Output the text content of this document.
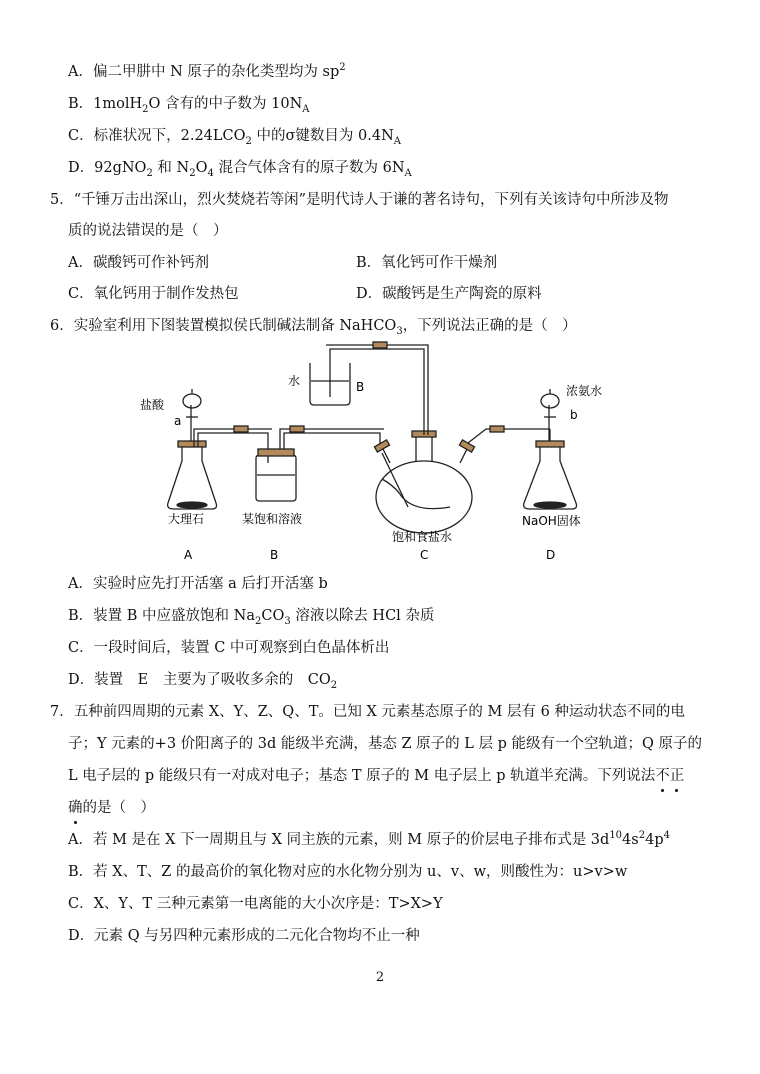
A．偏二甲肼中 N 原子的杂化类型均为 $sp^2$
B．1molH$_2$O 含有的中子数为 $10N_A$
C．标准状况下，$2.24LCO_2$ 中的σ键数目为 $0.4N_A$
D．92gNO$_2$ 和 $N_2O_4$ 混合气体含有的原子数为 $6N_A$
5．“千锤万击出深山，烈火焚烧若等闲”是明代诗人于谦的著名诗句，下列有关该诗句中所涉及物
质的说法错误的是（　）
A．碳酸钙可作补钙剂	B．氧化钙可作干燥剂
C．氧化钙用于制作发热包	D．碳酸钙是生产陶瓷的原料
6．实验室利用下图装置模拟侯氏制碱法制备 NaHCO$_3$，下列说法正确的是（　）
盐酸
a
水	B	浓氨水
b
大理石	某饱和溶液
饱和食盐水
NaOH固体
A	B	C	D
A．实验时应先打开活塞 a 后打开活塞 b
B．装置 B 中应盛放饱和 $Na_2CO_3$ 溶液以除去 HCl 杂质
C．一段时间后，装置 C 中可观察到白色晶体析出
D．装置　E　主要为了吸收多余的　$CO_2$
7．五种前四周期的元素 X、Y、Z、Q、T。已知 X 元素基态原子的 M 层有 6 种运动状态不同的电
子；Y 元素的+3 价阳离子的 3d 能级半充满，基态 Z 原子的 L 层 p 能级有一个空轨道；Q 原子的
L 电子层的 p 能级只有一对成对电子；基态 T 原子的 M 电子层上 p 轨道半充满。下列说法不正
确的是（　）
A．若 M 是在 X 下一周期且与 X 同主族的元素，则 M 原子的价层电子排布式是 $3d^{10}4s^24p^4$
B．若 X、T、Z 的最高价的氧化物对应的水化物分别为 u、v、w，则酸性为：u>v>w
C．X、Y、T 三种元素第一电离能的大小次序是：T>X>Y
D．元素 Q 与另四种元素形成的二元化合物均不止一种
2
